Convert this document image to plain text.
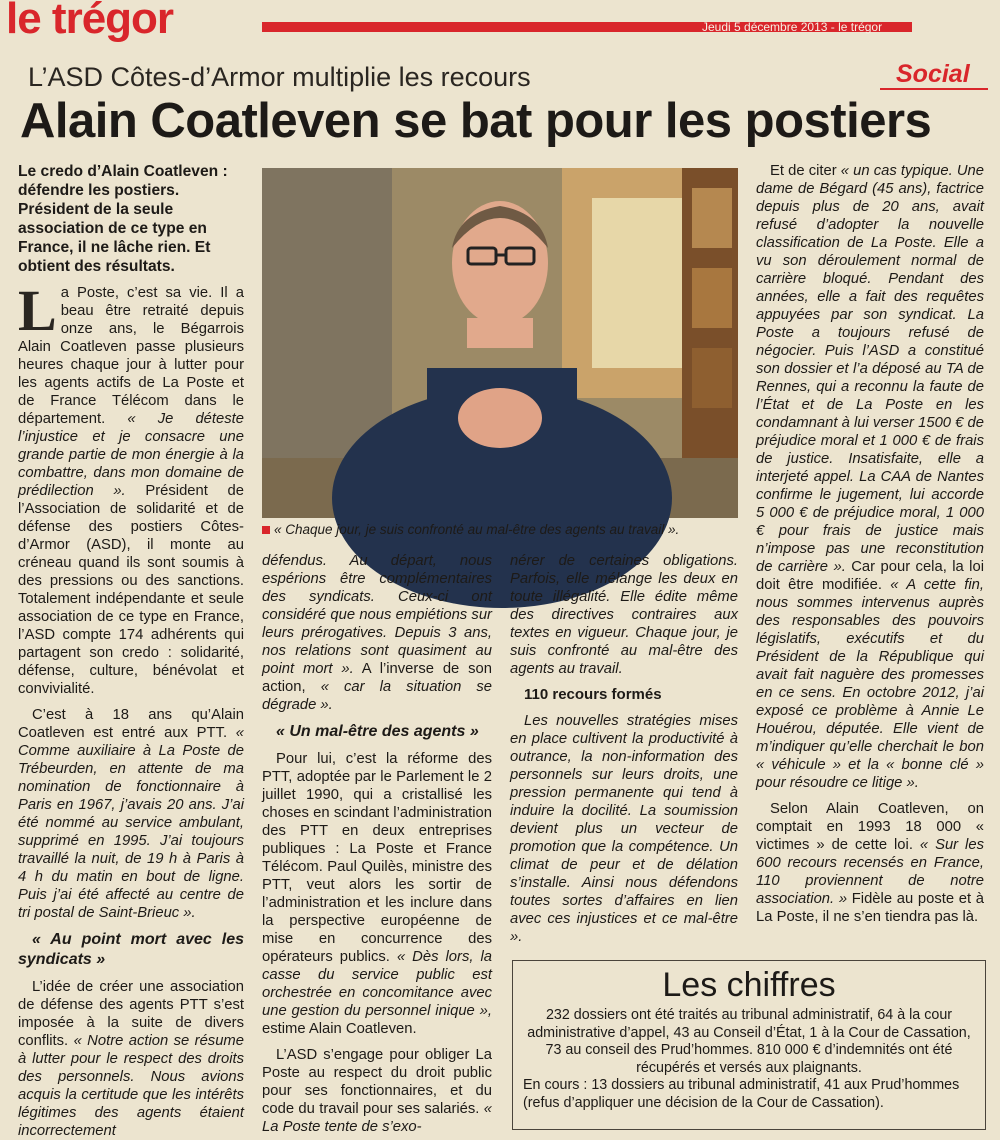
le trégor	Jeudi 5 décembre 2013 - le trégor
L’ASD Côtes-d’Armor multiplie les recours	Social
Alain Coatleven se bat pour les postiers
Le credo d’Alain Coatleven : défendre les postiers. Président de la seule association de ce type en France, il ne lâche rien. Et obtient des résultats.

La Poste, c’est sa vie. Il a beau être retraité depuis onze ans, le Bégarrois Alain Coatleven passe plusieurs heures chaque jour à lutter pour les agents actifs de La Poste et de France Télécom dans le département. « Je déteste l’injustice et je consacre une grande partie de mon énergie à la combattre, dans mon domaine de prédilection ». Président de l’Association de solidarité et de défense des postiers Côtes-d’Armor (ASD), il monte au créneau quand ils sont soumis à des pressions ou des sanctions. Totalement indépendante et seule association de ce type en France, l’ASD compte 174 adhérents qui partagent son credo : solidarité, défense, culture, bénévolat et convivialité.

C’est à 18 ans qu’Alain Coatleven est entré aux PTT. « Comme auxiliaire à La Poste de Trébeurden, en attente de ma nomination de fonctionnaire à Paris en 1967, j’avais 20 ans. J’ai été nommé au service ambulant, supprimé en 1995. J’ai toujours travaillé la nuit, de 19 h à Paris à 4 h du matin en bout de ligne. Puis j’ai été affecté au centre de tri postal de Saint-Brieuc ».

« Au point mort avec les syndicats »

L’idée de créer une association de défense des agents PTT s’est imposée à la suite de divers conflits. « Notre action se résume à lutter pour le respect des droits des personnels. Nous avions acquis la certitude que les intérêts légitimes des agents étaient incorrectement

« Chaque jour, je suis confronté au mal-être des agents au travail ».

défendus. Au départ, nous espérions être complémentaires des syndicats. Ceux-ci ont considéré que nous empiétions sur leurs prérogatives. Depuis 3 ans, nos relations sont quasiment au point mort ». A l’inverse de son action, « car la situation se dégrade ».

« Un mal-être des agents »

Pour lui, c’est la réforme des PTT, adoptée par le Parlement le 2 juillet 1990, qui a cristallisé les choses en scindant l’administration des PTT en deux entreprises publiques : La Poste et France Télécom. Paul Quilès, ministre des PTT, veut alors les sortir de l’administration et les inclure dans la perspective européenne de mise en concurrence des opérateurs publics. « Dès lors, la casse du service public est orchestrée en concomitance avec une gestion du personnel inique », estime Alain Coatleven.

L’ASD s’engage pour obliger La Poste au respect du droit public pour ses fonctionnaires, et du code du travail pour ses salariés. « La Poste tente de s’exo-

nérer de certaines obligations. Parfois, elle mélange les deux en toute illégalité. Elle édite même des directives contraires aux textes en vigueur. Chaque jour, je suis confronté au mal-être des agents au travail.

110 recours formés

Les nouvelles stratégies mises en place cultivent la productivité à outrance, la non-information des personnels sur leurs droits, une pression permanente qui tend à induire la docilité. La soumission devient plus un vecteur de promotion que la compétence. Un climat de peur et de délation s’installe. Ainsi nous défendons toutes sortes d’affaires en lien avec ces injustices et ce mal-être ».

Et de citer « un cas typique. Une dame de Bégard (45 ans), factrice depuis plus de 20 ans, avait refusé d’adopter la nouvelle classification de La Poste. Elle a vu son déroulement normal de carrière bloqué. Pendant des années, elle a fait des requêtes appuyées par son syndicat. La Poste a toujours refusé de négocier. Puis l’ASD a constitué son dossier et l’a déposé au TA de Rennes, qui a reconnu la faute de l’État et de La Poste en les condamnant à lui verser 1500 € de préjudice moral et 1 000 € de frais de justice. Insatisfaite, elle a interjeté appel. La CAA de Nantes confirme le jugement, lui accorde 5 000 € de préjudice moral, 1 000 € pour frais de justice mais n’impose pas une reconstitution de carrière ». Car pour cela, la loi doit être modifiée. « A cette fin, nous sommes intervenus auprès des responsables des pouvoirs législatifs, exécutifs et du Président de la République qui avait fait naguère des promesses en ce sens. En octobre 2012, j’ai exposé ce problème à Annie Le Houérou, députée. Elle vient de m’indiquer qu’elle cherchait le bon « véhicule » et la « bonne clé » pour résoudre ce litige ».

Selon Alain Coatleven, on comptait en 1993 18 000 « victimes » de cette loi. « Sur les 600 recours recensés en France, 110 proviennent de notre association. » Fidèle au poste et à La Poste, il ne s’en tiendra pas là.

Les chiffres
232 dossiers ont été traités au tribunal administratif, 64 à la cour administrative d’appel, 43 au Conseil d’État, 1 à la Cour de Cassation, 73 au conseil des Prud’hommes. 810 000 € d’indemnités ont été récupérés et versés aux plaignants.
En cours : 13 dossiers au tribunal administratif, 41 aux Prud’hommes (refus d’appliquer une décision de la Cour de Cassation).
